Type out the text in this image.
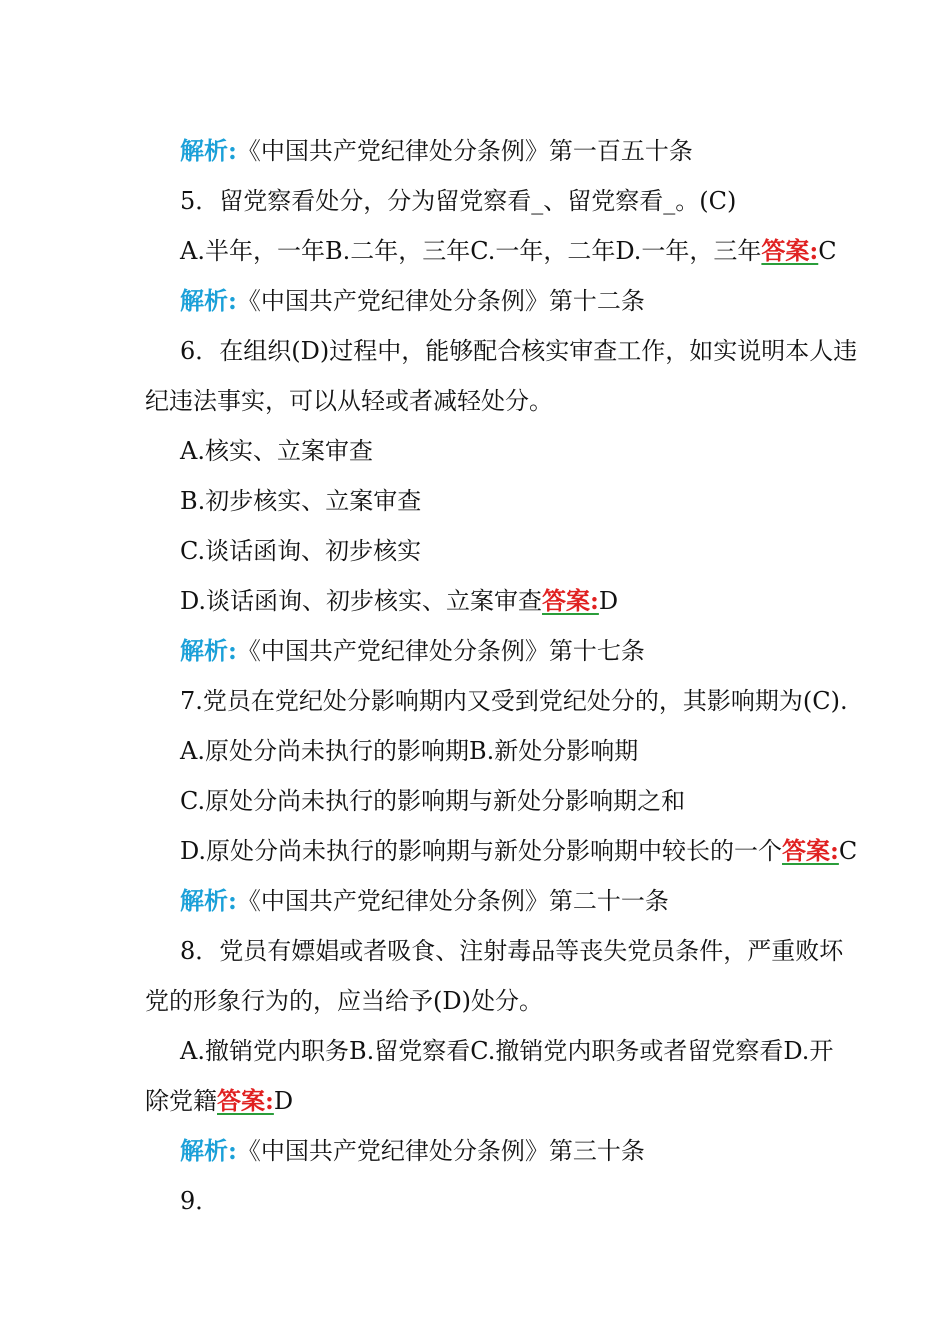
解析:《中国共产党纪律处分条例》第一百五十条
5．留党察看处分，分为留党察看_、留党察看_。(C)
A.半年，一年B.二年，三年C.一年，二年D.一年，三年答案:C
解析:《中国共产党纪律处分条例》第十二条
6．在组织(D)过程中，能够配合核实审查工作，如实说明本人违
纪违法事实，可以从轻或者减轻处分。
A.核实、立案审查
B.初步核实、立案审查
C.谈话函询、初步核实
D.谈话函询、初步核实、立案审查答案:D
解析:《中国共产党纪律处分条例》第十七条
7.党员在党纪处分影响期内又受到党纪处分的，其影响期为(C).
A.原处分尚未执行的影响期B.新处分影响期
C.原处分尚未执行的影响期与新处分影响期之和
D.原处分尚未执行的影响期与新处分影响期中较长的一个答案:C
解析:《中国共产党纪律处分条例》第二十一条
8．党员有嫖娼或者吸食、注射毒品等丧失党员条件，严重败坏
党的形象行为的，应当给予(D)处分。
A.撤销党内职务B.留党察看C.撤销党内职务或者留党察看D.开
除党籍答案:D
解析:《中国共产党纪律处分条例》第三十条
9．
